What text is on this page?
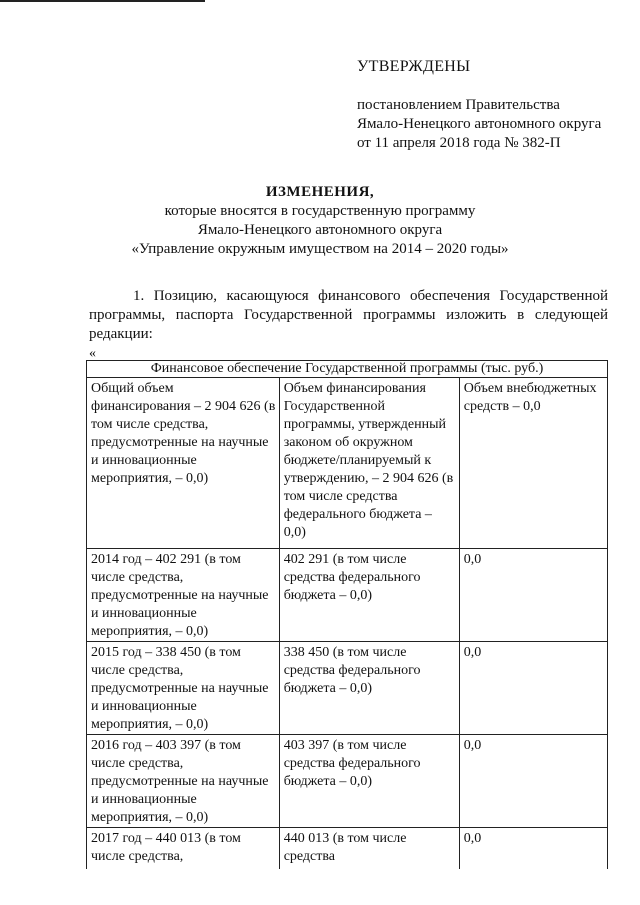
УТВЕРЖДЕНЫ
постановлением Правительства
Ямало-Ненецкого автономного округа
от 11 апреля 2018 года № 382-П
ИЗМЕНЕНИЯ,
которые вносятся в государственную программу
Ямало-Ненецкого автономного округа
«Управление окружным имуществом на 2014 – 2020 годы»
1. Позицию, касающуюся финансового обеспечения Государственной программы, паспорта Государственной программы изложить в следующей редакции:
«
Финансовое обеспечение Государственной программы (тыс. руб.)		
Общий объем финансирования – 2 904 626 (в том числе средства, предусмотренные на научные и инновационные мероприятия, – 0,0)	Объем финансирования Государственной программы, утвержденный законом об окружном бюджете/планируемый к утверждению, – 2 904 626 (в том числе средства федерального бюджета – 0,0)	Объем внебюджетных средств – 0,0
2014 год – 402 291 (в том числе средства, предусмотренные на научные и инновационные мероприятия, – 0,0)	402 291 (в том числе средства федерального бюджета – 0,0)	0,0
2015 год – 338 450 (в том числе средства, предусмотренные на научные и инновационные мероприятия, – 0,0)	338 450 (в том числе средства федерального бюджета – 0,0)	0,0
2016 год – 403 397 (в том числе средства, предусмотренные на научные и инновационные мероприятия, – 0,0)	403 397 (в том числе средства федерального бюджета – 0,0)	0,0
2017 год – 440 013 (в том числе средства,	440 013 (в том числе средства	0,0
